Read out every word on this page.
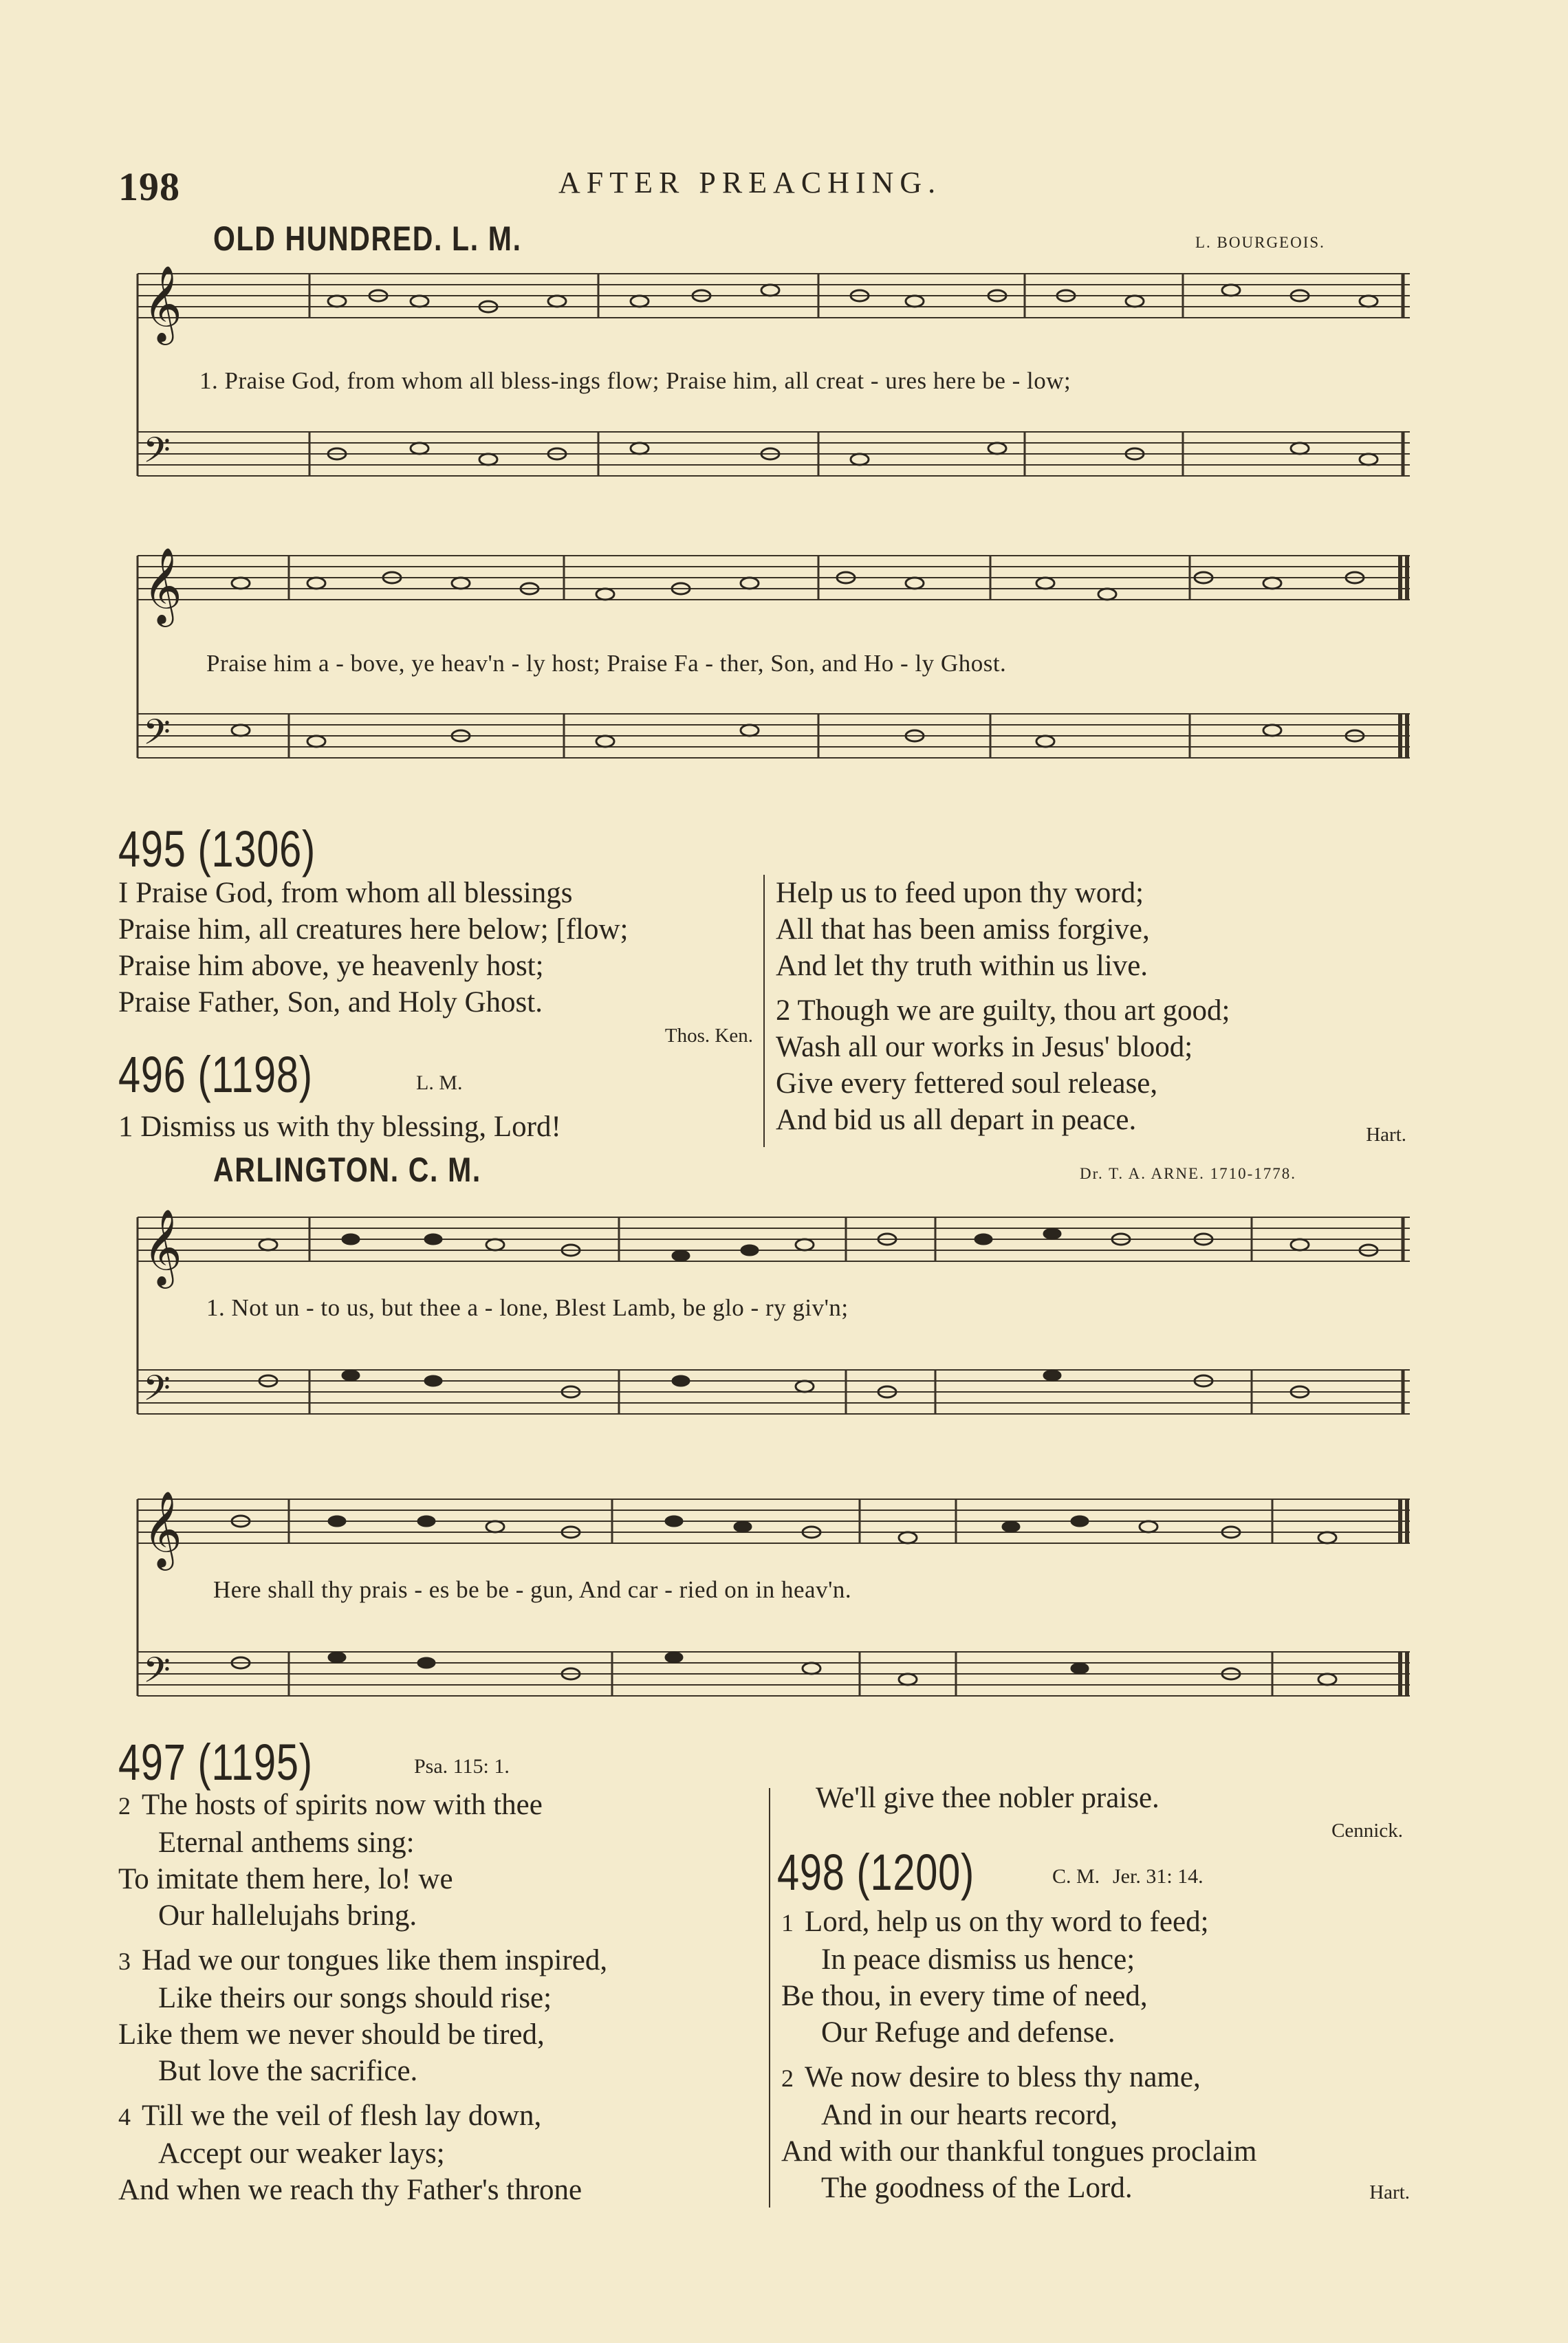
198	AFTER PREACHING.
OLD HUNDRED. L. M.	L. BOURGEOIS.
𝄞
𝄢
1. Praise God, from whom all bless-ings flow; Praise him, all creat - ures here be - low;
𝄞
𝄢
Praise him a - bove, ye heav'n - ly host; Praise Fa - ther, Son, and Ho - ly Ghost.
495 (1306)
I Praise God, from whom all blessings
Praise him, all creatures here below; [flow;
Praise him above, ye heavenly host;
Praise Father, Son, and Holy Ghost.
Thos. Ken.
496 (1198)	L. M.
1 Dismiss us with thy blessing, Lord!
Help us to feed upon thy word;
All that has been amiss forgive,
And let thy truth within us live.
2 Though we are guilty, thou art good;
Wash all our works in Jesus' blood;
Give every fettered soul release,
And bid us all depart in peace.	Hart.
ARLINGTON. C. M.	Dr. T. A. ARNE. 1710-1778.
𝄞
𝄢
1. Not un - to us, but thee a - lone, Blest Lamb, be glo - ry giv'n;
𝄞
𝄢
Here shall thy prais - es be be - gun, And car - ried on in heav'n.
497 (1195)	Psa. 115: 1.
2 The hosts of spirits now with thee
Eternal anthems sing:
To imitate them here, lo! we
Our hallelujahs bring.
3 Had we our tongues like them inspired,
Like theirs our songs should rise;
Like them we never should be tired,
But love the sacrifice.
4 Till we the veil of flesh lay down,
Accept our weaker lays;
And when we reach thy Father's throne
We'll give thee nobler praise.
Cennick.
498 (1200)	C. M. Jer. 31: 14.
1 Lord, help us on thy word to feed;
In peace dismiss us hence;
Be thou, in every time of need,
Our Refuge and defense.
2 We now desire to bless thy name,
And in our hearts record,
And with our thankful tongues proclaim
The goodness of the Lord.	Hart.
